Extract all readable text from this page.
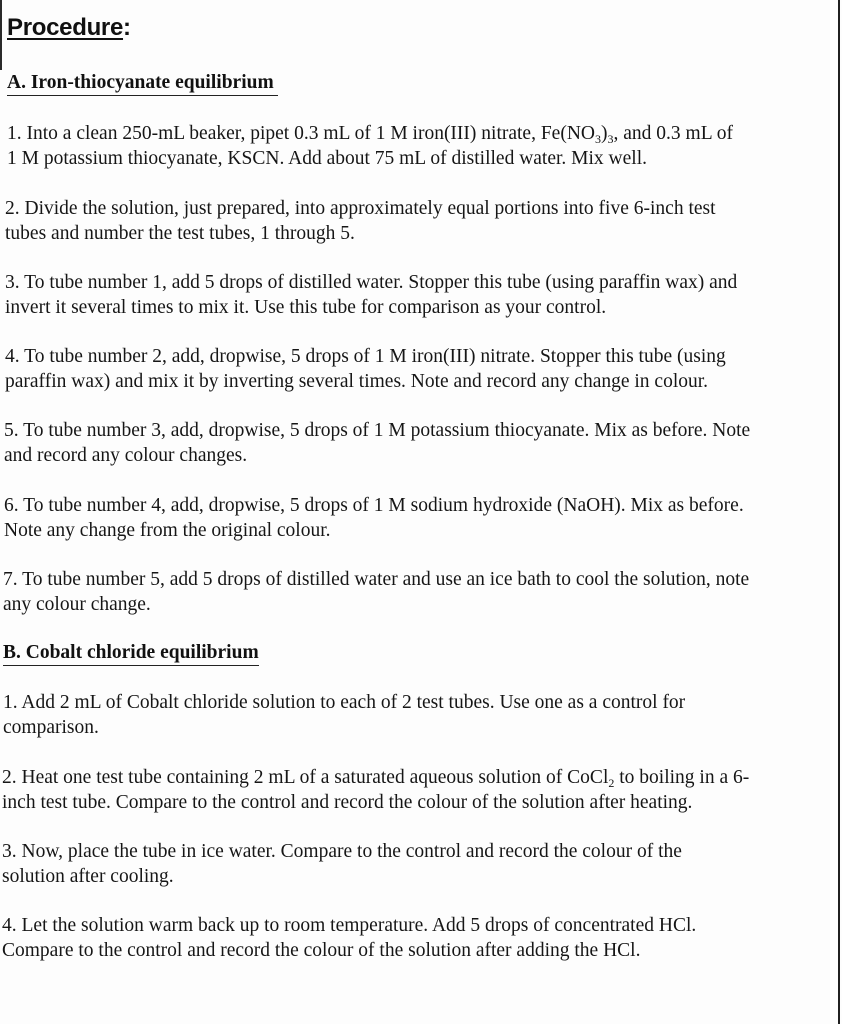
Procedure:
A. Iron-thiocyanate equilibrium
1. Into a clean 250-mL beaker, pipet 0.3 mL of 1 M iron(III) nitrate, $Fe(NO_3)_3$, and 0.3 mL of
1 M potassium thiocyanate, KSCN. Add about 75 mL of distilled water. Mix well.
2. Divide the solution, just prepared, into approximately equal portions into five 6-inch test
tubes and number the test tubes, 1 through 5.
3. To tube number 1, add 5 drops of distilled water. Stopper this tube (using paraffin wax) and
invert it several times to mix it. Use this tube for comparison as your control.
4. To tube number 2, add, dropwise, 5 drops of 1 M iron(III) nitrate. Stopper this tube (using
paraffin wax) and mix it by inverting several times. Note and record any change in colour.
5. To tube number 3, add, dropwise, 5 drops of 1 M potassium thiocyanate. Mix as before. Note
and record any colour changes.
6. To tube number 4, add, dropwise, 5 drops of 1 M sodium hydroxide (NaOH). Mix as before.
Note any change from the original colour.
7. To tube number 5, add 5 drops of distilled water and use an ice bath to cool the solution, note
any colour change.
B. Cobalt chloride equilibrium
1. Add 2 mL of Cobalt chloride solution to each of 2 test tubes. Use one as a control for
comparison.
2. Heat one test tube containing 2 mL of a saturated aqueous solution of CoCl$_2$ to boiling in a 6-
inch test tube. Compare to the control and record the colour of the solution after heating.
3. Now, place the tube in ice water. Compare to the control and record the colour of the
solution after cooling.
4. Let the solution warm back up to room temperature. Add 5 drops of concentrated HCl.
Compare to the control and record the colour of the solution after adding the HCl.
